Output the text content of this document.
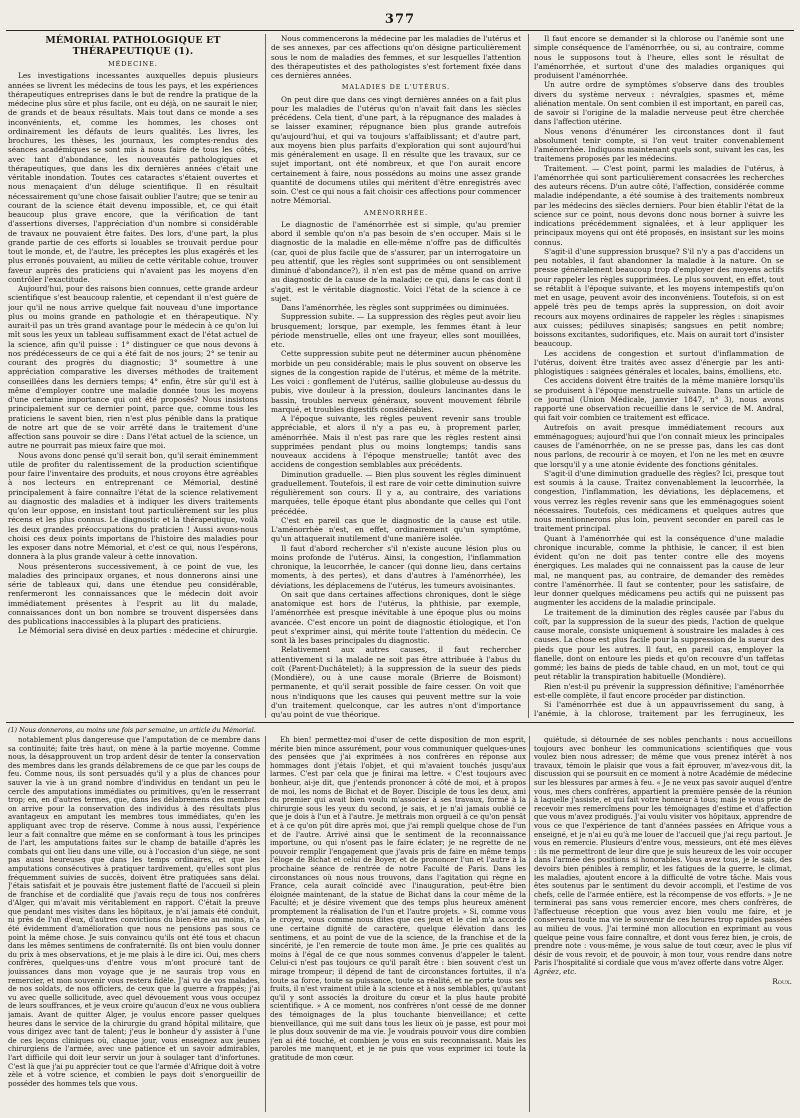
377
MÉMORIAL PATHOLOGIQUE ET THÉRAPEUTIQUE (1).
MÉDECINE.

Les investigations incessantes auxquelles depuis plusieurs années se livrent les médecins de tous les pays, et les expériences thérapeutiques entreprises dans le but de rendre la pratique de la médecine plus sûre et plus facile, ont eu déjà, on ne saurait le nier, de grands et de beaux résultats. Mais tout dans ce monde a ses inconvénients, et, comme les hommes, les choses ont ordinairement les défauts de leurs qualités. Les livres, les brochures, les thèses, les journaux, les comptes-rendus des séances académiques se sont mis à nous faire de tous les côtés, avec tant d'abondance, les nouveautés pathologiques et thérapeutiques, que dans les dix dernières années c'était une véritable inondation. Toutes ces cataractes s'étaient ouvertes et nous menaçaient d'un déluge scientifique. Il en résultait nécessairement qu'une chose faisait oublier l'autre; que se tenir au courant de la science était devenu impossible, et, ce qui était beaucoup plus grave encore, que la vérification de tant d'assertions diverses, l'appréciation d'un nombre si considérable de travaux ne pouvaient être faites. Des lors, d'une part, la plus grande partie de ces efforts si louables se trouvait perdue pour tout le monde, et, de l'autre, les préceptes les plus exagérés et les plus erronés pouvaient, au milieu de cette véritable cohue, trouver faveur auprès des praticiens qui n'avaient pas les moyens d'en contrôler l'exactitude.

Aujourd'hui, pour des raisons bien connues, cette grande ardeur scientifique s'est beaucoup ralentie, et cependant il n'est guère de jour qu'il ne nous arrive quelque fait nouveau d'une importance plus ou moins grande en pathologie et en thérapeutique. N'y aurait-il pas un très grand avantage pour le médecin à ce qu'on lui mît sous les yeux un tableau suffisamment exact de l'état actuel de la science, afin qu'il puisse : 1° distinguer ce que nous devons à nos prédécesseurs de ce qui a été fait de nos jours; 2° se tenir au courant des progrès du diagnostic; 3° soumettre à une appréciation comparative les diverses méthodes de traitement conseillées dans les derniers temps; 4° enfin, être sûr qu'il est à même d'employer contre une maladie donnée tous les moyens d'une certaine importance qui ont été proposés? Nous insistons principalement sur ce dernier point, parce que, comme tous les praticiens le savent bien, rien n'est plus pénible dans la pratique de notre art que de se voir arrêté dans le traitement d'une affection sans pouvoir se dire : Dans l'état actuel de la science, un autre ne pourrait pas mieux faire que moi.

Nous avons donc pensé qu'il serait bon, qu'il serait éminemment utile de profiter du ralentissement de la production scientifique pour faire l'inventaire des produits, et nous croyons être agréables à nos lecteurs en entreprenant ce Mémorial, destiné principalement à faire connaître l'état de la science relativement au diagnostic des maladies et à indiquer les divers traitements qu'on leur oppose, en insistant tout particulièrement sur les plus récens et les plus connus. Le diagnostic et la thérapeutique, voilà les deux grandes préoccupations du praticien ! Aussi avons-nous choisi ces deux points importans de l'histoire des maladies pour les exposer dans notre Mémorial, et c'est ce qui, nous l'espérons, donnera à la plus grande valeur à cette innovation.

Nous présenterons successivement, à ce point de vue, les maladies des principaux organes, et nous donnerons ainsi une série de tableaux qui, dans une étendue peu considérable, renfermeront les connaissances que le médecin doit avoir immédiatement présentes à l'esprit au lit du malade, connaissances dont un bon nombre se trouvent dispersées dans des publications inaccessibles à la plupart des praticiens.

Le Mémorial sera divisé en deux parties : médecine et chirurgie.

Nous commencerons la médecine par les maladies de l'utérus et de ses annexes, par ces affections qu'on désigne particulièrement sous le nom de maladies des femmes, et sur lesquelles l'attention des thérapeutistes et des pathologistes s'est fortement fixée dans ces dernières années.

MALADIES DE L'UTÉRUS.

On peut dire que dans ces vingt dernières années on a fait plus pour les maladies de l'utérus qu'on n'avait fait dans les siècles précédens. Cela tient, d'une part, à la répugnance des malades à se laisser examiner, répugnance bien plus grande autrefois qu'aujourd'hui, et qui va toujours s'affaiblissant; et d'autre part, aux moyens bien plus parfaits d'exploration qui sont aujourd'hui mis généralement en usage. Il en résulte que les travaux, sur ce sujet important, ont été nombreux, et que l'on aurait encore certainement à faire, nous possédons au moins une assez grande quantité de documens utiles qui méritent d'être enregistrés avec soin. C'est ce qui nous a fait choisir ces affections pour commencer notre Mémorial.

AMÉNORRHÉE.

Le diagnostic de l'aménorrhée est si simple, qu'au premier abord il semble qu'on n'a pas besoin de s'en occuper. Mais si le diagnostic de la maladie en elle-même n'offre pas de difficultés (car, quoi de plus facile que de s'assurer, par un interrogatoire un peu attentif, que les règles sont supprimées ou ont sensiblement diminué d'abondance?), il n'en est pas de même quand on arrive au diagnostic de la cause de la maladie; ce qui, dans le cas dont il s'agit, est le véritable diagnostic. Voici l'état de la science à ce sujet.

Dans l'aménorrhée, les règles sont supprimées ou diminuées.

Suppression subite. — La suppression des règles peut avoir lieu brusquement; lorsque, par exemple, les femmes étant à leur période menstruelle, elles ont une frayeur, elles sont mouillées, etc.

Cette suppression subite peut ne déterminer aucun phénomène morbide un peu considérable; mais le plus souvent on observe les signes de la congestion rapide de l'utérus, et même de la métrite. Les voici : gonflement de l'utérus, saillie globuleuse au-dessus du pubis, vive douleur à la pression, douleurs lancinantes dans le bassin, troubles nerveux généraux, souvent mouvement fébrile marqué, et troubles digestifs considérables.

A l'époque suivante, les règles peuvent revenir sans trouble appréciable, et alors il n'y a pas eu, à proprement parler, aménorrhée. Mais il n'est pas rare que les règles restent ainsi supprimées pendant plus ou moins longtemps; tandis sans nouveaux accidens à l'époque menstruelle; tantôt avec des accidens de congestion semblables aux précédents.

Diminution graduelle. — Bien plus souvent les règles diminuent graduellement. Toutefois, il est rare de voir cette diminution suivre régulièrement son cours. Il y a, au contraire, des variations marquées, telle époque étant plus abondante que celles qui l'ont précédée.

C'est en pareil cas que le diagnostic de la cause est utile. L'aménorrhée n'est, en effet, ordinairement qu'un symptôme, qu'un attaquerait inutilement d'une manière isolée.

Il faut d'abord rechercher s'il n'existe aucune lésion plus ou moins profonde de l'utérus. Ainsi, la congestion, l'inflammation chronique, la leucorrhée, le cancer (qui donne lieu, dans certains moments, à des pertes), et dans d'autres à l'aménorrhée), les déviations, les déplacemens de l'utérus, les tumeurs avoisinantes.

On sait que dans certaines affections chroniques, dont le siège anatomique est hors de l'utérus, la phthisie, par exemple, l'aménorrhée est presque inévitable à une époque plus ou moins avancée. C'est encore un point de diagnostic étiologique, et l'on peut s'exprimer ainsi, qui mérite toute l'attention du médecin. Ce sont là les bases principales du diagnostic.

Relativement aux autres causes, il faut rechercher attentivement si la malade ne soit pas être attribuée à l'abus du coït (Parent-Duchâtelet); à la suppression de la sueur des pieds (Mondière), ou à une cause morale (Brierre de Boismont) permanente, et qu'il serait possible de faire cesser. On voit que nous n'indiquons que les causes qui peuvent mettre sur la voie d'un traitement quelconque, car les autres n'ont d'importance qu'au point de vue théorique.

Il faut encore se demander si la chlorose ou l'anémie sont une simple conséquence de l'aménorrhée, ou si, au contraire, comme nous le supposons tout à l'heure, elles sont le résultat de l'aménorrhée, et surtout d'une des maladies organiques qui produisent l'aménorrhée.

Un autre ordre de symptômes s'observe dans des troubles divers du système nerveux : névralgies, spasmes et, même aliénation mentale. On sent combien il est important, en pareil cas, de savoir si l'origine de la maladie nerveuse peut être cherchée dans l'affection utérine.

Nous venons d'énumérer les circonstances dont il faut absolument tenir compte, si l'on veut traiter convenablement l'aménorrhée. Indiquons maintenant quels sont, suivant les cas, les traitemens proposés par les médecins.

Traitement. — C'est point, parmi les maladies de l'utérus, à l'aménorrhée qui sont particulièrement consacrées les recherches des auteurs récens. D'un autre côté, l'affection, considérée comme maladie indépendante, a été soumise à des traitements nombreux par les médecins des siècles derniers. Pour bien établir l'état de la science sur ce point, nous devons donc nous borner à suivre les indications précédemment signalées, et à leur appliquer les principaux moyens qui ont été proposés, en insistant sur les moins connus.

S'agit-il d'une suppression brusque? S'il n'y a pas d'accidens un peu notables, il faut abandonner la maladie à la nature. On se presse généralement beaucoup trop d'employer des moyens actifs pour rappeler les règles supprimées. Le plus souvent, en effet, tout se rétablit à l'époque suivante, et les moyens intempestifs qu'on met en usage, peuvent avoir des inconvéniens. Toutefois, si on est appelé très peu de temps après la suppression, on doit avoir recours aux moyens ordinaires de rappeler les règles : sinapismes aux cuisses; pédiluves sinapisés; sangsues en petit nombre; boissons excitantes, sudorifiques, etc. Mais on aurait tort d'insister beaucoup.

Les accidens de congestion et surtout d'inflammation de l'utérus, doivent être traités avec assez d'énergie par les anti-phlogistiques : saignées générales et locales, bains, émolliens, etc.

Ces accidens doivent être traités de la même manière lorsqu'ils se produisent à l'époque menstruelle suivante. Dans un article de ce journal (Union Médicale, janvier 1847, n° 3), nous avons rapporté une observation recueillie dans le service de M. Andral, qui fait voir combien ce traitement est efficace.

Autrefois on avait presque immédiatement recours aux emménagogues; aujourd'hui que l'on connaît mieux les principales causes de l'aménorrhée, on ne se presse pas, dans les cas dont nous parlons, de recourir à ce moyen, et l'on ne les met en œuvre que lorsqu'il y a une atonie évidente des fonctions génitales.

S'agit-il d'une diminution graduelle des règles? Ici, presque tout est soumis à la cause. Traitez convenablement la leucorrhée, la congestion, l'inflammation, les déviations, les déplacemens, et vous verrez les règles revenir sans que les emménagogues soient nécessaires. Toutefois, ces médicamens et quelques autres que nous mentionnerons plus loin, peuvent seconder en pareil cas le traitement principal.

Quant à l'aménorrhée qui est la conséquence d'une maladie chronique incurable, comme la phthisie, le cancer, il est bien évident qu'on ne doit pas tenter contre elle des moyens énergiques. Les malades qui ne connaissent pas la cause de leur mal, ne manquent pas, au contraire, de demander des remèdes contre l'aménorrhée. Il faut se contenter, pour les satisfaire, de leur donner quelques médicamens peu actifs qui ne puissent pas augmenter les accidens de la maladie principale.

Le traitement de la diminution des règles causée par l'abus du coït, par la suppression de la sueur des pieds, l'action de quelque cause morale, consiste uniquement à soustraire les malades à ces causes. La chose est plus facile pour la suppression de la sueur des pieds que pour les autres. Il faut, en pareil cas, employer la flanelle, dont on entoure les pieds et qu'on recouvre d'un taffetas gommé; les bains de pieds de table chaud, en un mot, tout ce qui peut rétablir la transpiration habituelle (Mondière).

Rien n'est-il pu prévenir la suppression définitive; l'aménorrhée est-elle complète, il faut encore procéder par distinction.

Si l'aménorrhée est due à un appauvrissement du sang, à l'anémie, à la chlorose, traitement par les ferrugineux, les

(1) Nous donnerons, au moins une fois par semaine, un article du Mémorial.

notablement plus dangereuse que l'amputation de ce membre dans sa continuité; faite très haut, on mène à la partie moyenne. Comme nous, la désapprouvent un trop ardent désir de tenter la conservation des membres dans les grands délabremens de ce que par les coups de feu. Comme nous, ils sont persuadés qu'il y a plus de chances pour sauver la vie à un grand nombre d'individus en tendant un peu le cercle des amputations immédiates ou primitives, qu'en le resserrant trop; en, en d'autres termes, que, dans les délabremens des membres on arrive pour la conservation des individus à des résultats plus avantageux en amputant les membres tous immédiates, qu'en les appliquant avec trop de réserve. Comme à nous aussi, l'expérience leur a fait connaître que même en se conformant à tous les principes de l'art, les amputations faites sur le champ de bataille d'après les combats qui ont lieu dans une ville, ou à l'occasion d'un siège, ne sont pas aussi heureuses que dans les temps ordinaires, et que les amputations consécutives à pratiquer tardivement, qu'elles sont plus fréquemment suivies de succès, doivent être pratiquées sans délai. J'étais satisfait et je pouvais être justement flatté de l'accueil si plein de franchise et de cordialité que j'avais reçu de tous nos confrères d'Alger, qui m'avait mis véritablement en rapport. C'était la preuve que pendant mes visites dans les hôpitaux, je n'ai jamais été conduit, ni près de l'un d'eux, d'autres convictions du bien-être au moins, n'a été évidemment d'amélioration que nous ne pensions pas sous ce point la même chose. Je suis convaincu qu'ils ont été tous et chacun dans les mêmes sentimens de confraternité. Ils ont bien voulu donner du prix à mes observations, et je me plais à le dire ici. Oui, mes chers confrères, quelques-uns d'entre vous m'ont procuré tant de jouissances dans mon voyage que je ne saurais trop vous en remercier, et mon souvenir vous restera fidèle. J'ai vu de vos malades, de nos soldats, de nos officiers, de ceux que la guerre a frappés; j'ai vu avec quelle sollicitude, avec quel dévouement vous vous occupez de leurs souffrances, et je veux croire qu'aucun d'eux ne vous oubliera jamais. Avant de quitter Alger, je voulus encore passer quelques heures dans le service de la chirurgie du grand hôpital militaire, que vous dirigez avec tant de talent; j'eus le bonheur d'y assister à l'une de ces leçons cliniques où, chaque jour, vous enseignez aux jeunes chirurgiens de l'armée, avec une patience et un savoir admirables, l'art difficile qui doit leur servir un jour à soulager tant d'infortunes. C'est là que j'ai pu apprécier tout ce que l'armée d'Afrique doit à votre zèle et à votre science, et combien le pays doit s'enorgueillir de posséder des hommes tels que vous.

Eh bien! permettez-moi d'user de cette disposition de mon esprit, mérite bien mince assurément, pour vous communiquer quelques-unes des pensées que j'ai exprimées à nos confrères en réponse aux hommages dont j'étais l'objet, et qui m'avaient touchés jusqu'aux larmes. C'est par cela que je finirai ma lettre. « C'est toujours avec bonheur, ai-je dit, que j'entends prononcer à côté de moi, et à propos de moi, les noms de Bichat et de Boyer. Disciple de tous les deux, ami du premier qui avait bien voulu m'associer à ses travaux, formé à la chirurgie sous les yeux du second, je sais, et je n'ai jamais oublié ce que je dois à l'un et à l'autre. Je mettrais mon orgueil à ce qu'on pensât et à ce qu'on pût dire après moi, que j'ai rempli quelque chose de l'un et de l'autre. Arrivé ainsi que le sentiment de la reconnaissance importune, ou qui n'osent pas le faire éclater; je ne regrette de ne pouvoir remplir l'engagement que j'avais pris de faire en même temps l'éloge de Bichat et celui de Boyer, et de prononcer l'un et l'autre à la prochaine séance de rentrée de notre Faculté de Paris. Dans les circonstances où nous nous trouvons, dans l'agitation qui règne en France, cela aurait coïncidé avec l'inauguration, peut-être bien éloignée maintenant, de la statue de Bichat dans la cour même de la Faculté; et je désire vivement que des temps plus heureux amènent promptement la réalisation de l'un et l'autre projets. » Si, comme vous le croyez, vous comme nous dites que ces jeux et le ciel m'a accordé une certaine dignité de caractère, quelque élévation dans les sentimens, et au point de vue de la science, de la franchise et de la sincérité, je l'en remercie de toute mon âme. Je prie ces qualités au moins à l'égal de ce que nous sommes convenus d'appeler le talent. Celui-ci n'est pas toujours ce qu'il paraît être : bien souvent c'est un mirage trompeur; il dépend de tant de circonstances fortuites, il n'a toute sa force, toute sa puissance, toute sa réalité, et ne porte tous ses fruits, il n'est vraiment utile à la science et à nos semblables, qu'autant qu'il y sont associés la droiture du cœur et la plus haute probité scientifique. » A ce moment, nos confrères n'ont cessé de me donner des témoignages de la plus touchante bienveillance; et cette bienveillance, qui me suit dans tous les lieux où je passe, est pour moi le plus doux souvenir de ma vie. Je voudrais pouvoir vous dire combien j'en ai été touché, et combien je vous en suis reconnaissant. Mais les paroles me manquent, et je ne puis que vous exprimer ici toute la gratitude de mon cœur.

quiétude, si détournée de ses nobles penchants : nous accueillons toujours avec bonheur les communications scientifiques que vous voulez bien nous adresser; de même que vous prenez intérêt à nos travaux, témoin le plaisir que vous a fait éprouver, m'avez-vous dit, la discussion qui se poursuit en ce moment à notre Académie de médecine sur les blessures par armes à feu. « Je ne veux pas savoir auquel d'entre vous, mes chers confrères, appartient la première pensée de la réunion à laquelle j'assiste, et qui fait votre honneur à tous; mais je vous prie de recevoir mes remercîmens pour les témoignages d'estime et d'affection que vous m'avez prodigués. J'ai voulu visiter vos hôpitaux, apprendre de vous ce que l'expérience de tant d'années passées en Afrique vous a enseigné, et je n'ai eu qu'à me louer de l'accueil que j'ai reçu partout. Je vous en remercie. Plusieurs d'entre vous, messieurs, ont été mes élèves : ils me permettront de leur dire que je suis heureux de les voir occuper dans l'armée des positions si honorables. Vous avez tous, je le sais, des devoirs bien pénibles à remplir, et les fatigues de la guerre, le climat, les maladies, ajoutent encore à la difficulté de votre tâche. Mais vous êtes soutenus par le sentiment du devoir accompli, et l'estime de vos chefs, celle de l'armée entière, est la récompense de vos efforts. » Je ne terminerai pas sans vous remercier encore, mes chers confrères, de l'affectueuse réception que vous avez bien voulu me faire, et je conserverai toute ma vie le souvenir de ces heures trop rapides passées au milieu de vous. J'ai terminé mon allocution en exprimant au vous quelque peine vous faire connaître, et dont vous ferez bien, je crois, de prendre note : vous-même, je vous salue de tout cœur, avec le plus vif désir de vous revoir, et de pouvoir, à mon tour, vous rendre dans notre Paris l'hospitalité si cordiale que vous m'avez offerte dans votre Alger.

Agréez, etc.
Roux.
